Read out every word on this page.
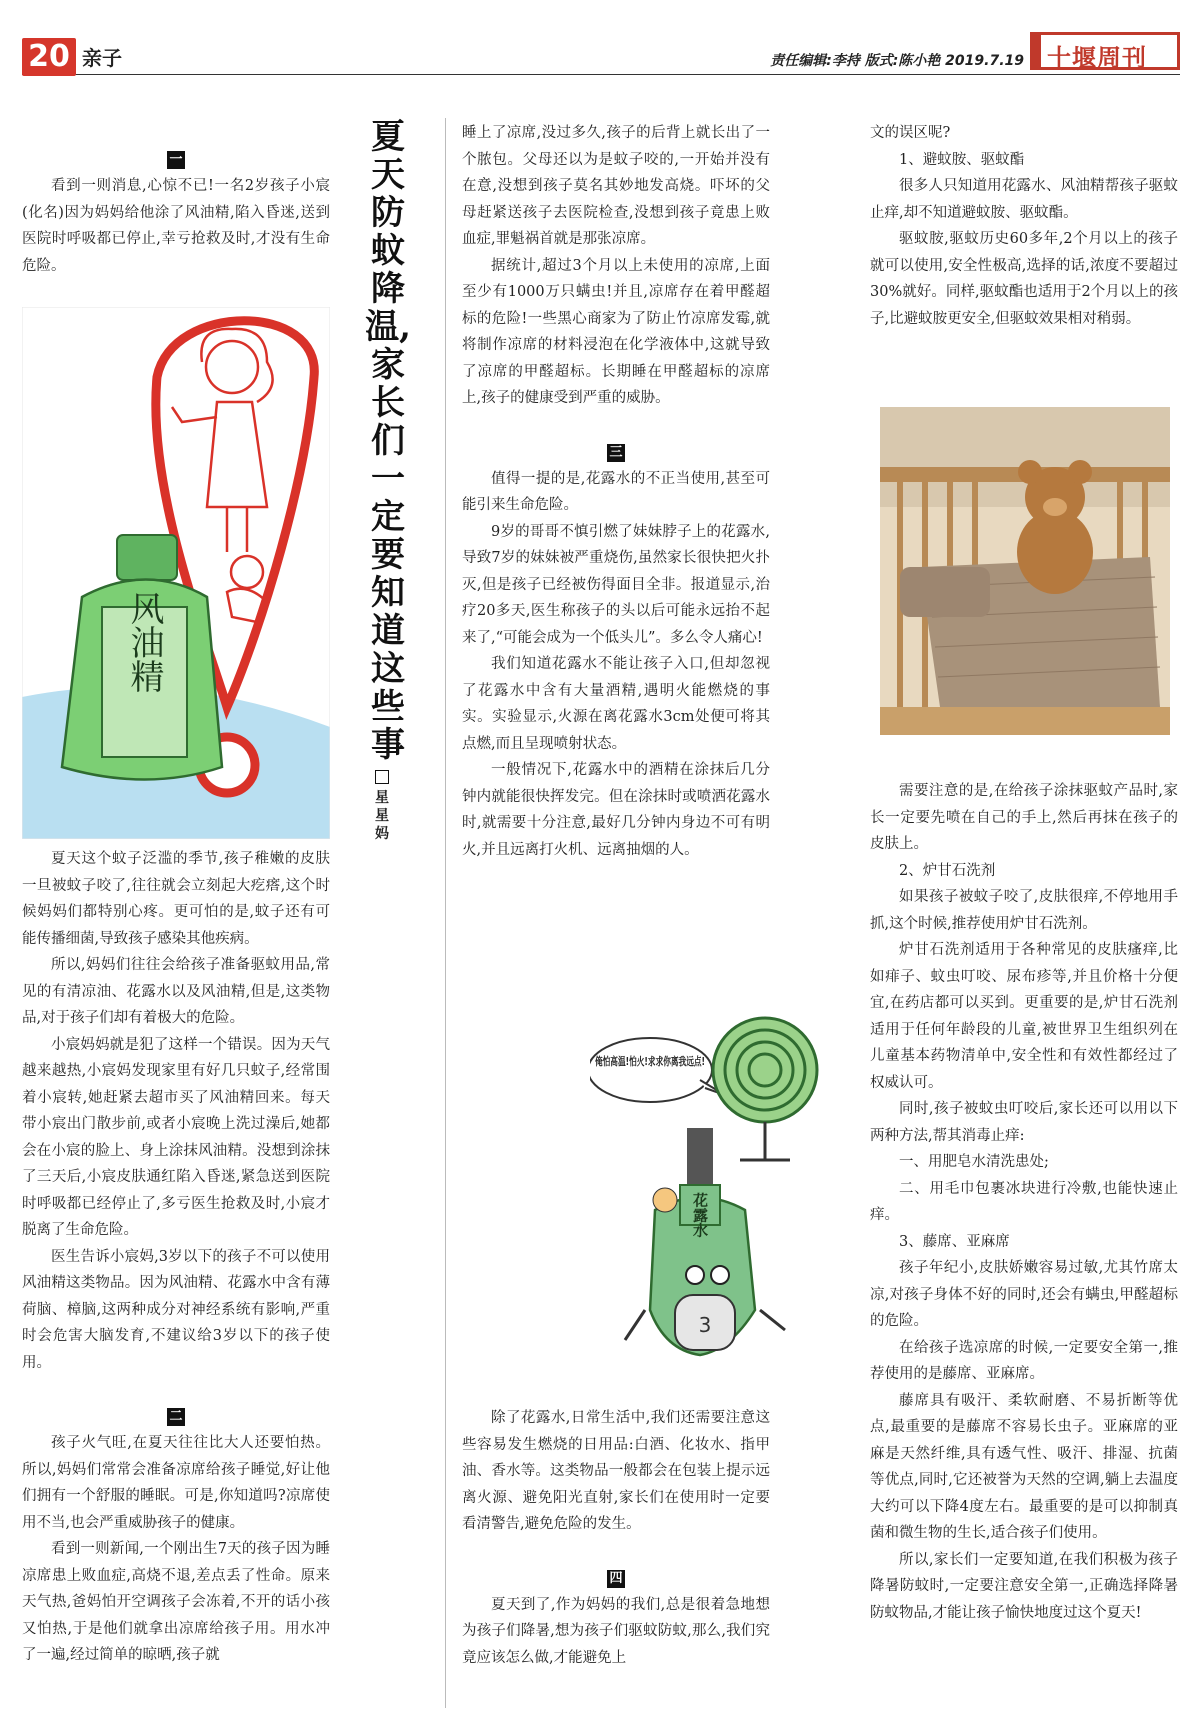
20 亲子	责任编辑:李持 版式:陈小艳 2019.7.19 十堰周刊
夏天防蚊降温,家长们一定要知道这些事
星星妈
一

看到一则消息,心惊不已!一名2岁孩子小宸(化名)因为妈妈给他涂了风油精,陷入昏迷,送到医院时呼吸都已停止,幸亏抢救及时,才没有生命危险。

风油精

夏天这个蚊子泛滥的季节,孩子稚嫩的皮肤一旦被蚊子咬了,往往就会立刻起大疙瘩,这个时候妈妈们都特别心疼。更可怕的是,蚊子还有可能传播细菌,导致孩子感染其他疾病。

所以,妈妈们往往会给孩子准备驱蚊用品,常见的有清凉油、花露水以及风油精,但是,这类物品,对于孩子们却有着极大的危险。

小宸妈妈就是犯了这样一个错误。因为天气越来越热,小宸妈发现家里有好几只蚊子,经常围着小宸转,她赶紧去超市买了风油精回来。每天带小宸出门散步前,或者小宸晚上洗过澡后,她都会在小宸的脸上、身上涂抹风油精。没想到涂抹了三天后,小宸皮肤通红陷入昏迷,紧急送到医院时呼吸都已经停止了,多亏医生抢救及时,小宸才脱离了生命危险。

医生告诉小宸妈,3岁以下的孩子不可以使用风油精这类物品。因为风油精、花露水中含有薄荷脑、樟脑,这两种成分对神经系统有影响,严重时会危害大脑发育,不建议给3岁以下的孩子使用。

二

孩子火气旺,在夏天往往比大人还要怕热。所以,妈妈们常常会准备凉席给孩子睡觉,好让他们拥有一个舒服的睡眠。可是,你知道吗?凉席使用不当,也会严重威胁孩子的健康。

看到一则新闻,一个刚出生7天的孩子因为睡凉席患上败血症,高烧不退,差点丢了性命。原来天气热,爸妈怕开空调孩子会冻着,不开的话小孩又怕热,于是他们就拿出凉席给孩子用。用水冲了一遍,经过简单的晾晒,孩子就

睡上了凉席,没过多久,孩子的后背上就长出了一个脓包。父母还以为是蚊子咬的,一开始并没有在意,没想到孩子莫名其妙地发高烧。吓坏的父母赶紧送孩子去医院检查,没想到孩子竟患上败血症,罪魁祸首就是那张凉席。

据统计,超过3个月以上未使用的凉席,上面至少有1000万只螨虫!并且,凉席存在着甲醛超标的危险!一些黑心商家为了防止竹凉席发霉,就将制作凉席的材料浸泡在化学液体中,这就导致了凉席的甲醛超标。长期睡在甲醛超标的凉席上,孩子的健康受到严重的威胁。

三

值得一提的是,花露水的不正当使用,甚至可能引来生命危险。

9岁的哥哥不慎引燃了妹妹脖子上的花露水,导致7岁的妹妹被严重烧伤,虽然家长很快把火扑灭,但是孩子已经被伤得面目全非。报道显示,治疗20多天,医生称孩子的头以后可能永远抬不起来了,“可能会成为一个低头儿”。多么令人痛心!

我们知道花露水不能让孩子入口,但却忽视了花露水中含有大量酒精,遇明火能燃烧的事实。实验显示,火源在离花露水3cm处便可将其点燃,而且呈现喷射状态。

一般情况下,花露水中的酒精在涂抹后几分钟内就能很快挥发完。但在涂抹时或喷洒花露水时,就需要十分注意,最好几分钟内身边不可有明火,并且远离打火机、远离抽烟的人。

俺怕高温!怕火!求求你离我远点!
3
花露水

除了花露水,日常生活中,我们还需要注意这些容易发生燃烧的日用品:白酒、化妆水、指甲油、香水等。这类物品一般都会在包装上提示远离火源、避免阳光直射,家长们在使用时一定要看清警告,避免危险的发生。

四

夏天到了,作为妈妈的我们,总是很着急地想为孩子们降暑,想为孩子们驱蚊防蚊,那么,我们究竟应该怎么做,才能避免上

文的误区呢?

1、避蚊胺、驱蚊酯

很多人只知道用花露水、风油精帮孩子驱蚊止痒,却不知道避蚊胺、驱蚊酯。

驱蚊胺,驱蚊历史60多年,2个月以上的孩子就可以使用,安全性极高,选择的话,浓度不要超过30%就好。同样,驱蚊酯也适用于2个月以上的孩子,比避蚊胺更安全,但驱蚊效果相对稍弱。

需要注意的是,在给孩子涂抹驱蚊产品时,家长一定要先喷在自己的手上,然后再抹在孩子的皮肤上。

2、炉甘石洗剂

如果孩子被蚊子咬了,皮肤很痒,不停地用手抓,这个时候,推荐使用炉甘石洗剂。

炉甘石洗剂适用于各种常见的皮肤瘙痒,比如痱子、蚊虫叮咬、尿布疹等,并且价格十分便宜,在药店都可以买到。更重要的是,炉甘石洗剂适用于任何年龄段的儿童,被世界卫生组织列在儿童基本药物清单中,安全性和有效性都经过了权威认可。

同时,孩子被蚊虫叮咬后,家长还可以用以下两种方法,帮其消毒止痒:

一、用肥皂水清洗患处;

二、用毛巾包裹冰块进行冷敷,也能快速止痒。

3、藤席、亚麻席

孩子年纪小,皮肤娇嫩容易过敏,尤其竹席太凉,对孩子身体不好的同时,还会有螨虫,甲醛超标的危险。

在给孩子选凉席的时候,一定要安全第一,推荐使用的是藤席、亚麻席。

藤席具有吸汗、柔软耐磨、不易折断等优点,最重要的是藤席不容易长虫子。亚麻席的亚麻是天然纤维,具有透气性、吸汗、排湿、抗菌等优点,同时,它还被誉为天然的空调,躺上去温度大约可以下降4度左右。最重要的是可以抑制真菌和微生物的生长,适合孩子们使用。

所以,家长们一定要知道,在我们积极为孩子降暑防蚊时,一定要注意安全第一,正确选择降暑防蚊物品,才能让孩子愉快地度过这个夏天!
